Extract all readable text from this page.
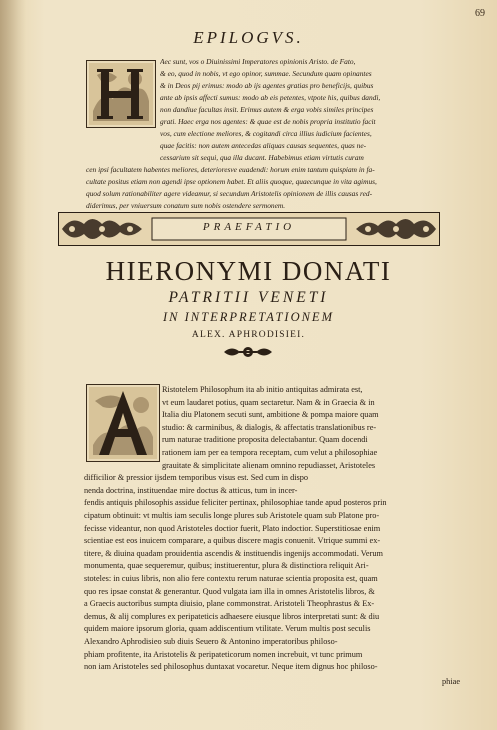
69
EPILOGVS.
Aec sunt, vos o Diuinissimi Imperatores opinionis Aristo. de Fato,
& eo, quod in nobis, vt ego opinor, summae. Secundum quam opinantes
& in Deos pij erimus: modo ab ijs agentes gratias pro beneficijs, quibus
ante ab ipsis affecti sumus: modo ab eis petentes, vtpote his, quibus dandi,
non dandiue facultas insit. Erimus autem & erga vobis similes principes
grati. Haec erga nos agentes: & quae est de nobis propria institutio facit
vos, cum electione meliores, & cogitandi circa illius iudicium facientes,
quae facitis: non autem antecedas aliquas causas sequentes, quas ne-
cessarium sit sequi, qua illa ducant. Habebimus etiam virtutis curam
cen ipsi facultatem habentes meliores, deterioresve euadendi: horum enim tantum quispiam in fa-
cultate positus etiam non agendi ipse optionem habet. Et aliis quoque, quaecunque in vita agimus,
quod solum rationabiliter agere videamur, si secundum Aristotelis opinionem de illis causas red-
diderimus, per vniuersum conatum sum nobis ostendere sermonem.
PRAEFATIO
HIERONYMI DONATI
PATRITII VENETI
IN INTERPRETATIONEM
ALEX. APHRODISIEI.
Ristotelem Philosophum ita ab initio antiquitas admirata est,
vt eum laudaret potius, quam sectaretur. Nam & in Graecia & in
Italia diu Platonem secuti sunt, ambitione & pompa maiore quam
studio: & carminibus, & dialogis, & affectatis translationibus re-
rum naturae traditione proposita delectabantur. Quam docendi
rationem iam per ea tempora receptam, cum velut a philosophiae
grauitate & simplicitate alienam omnino repudiasset, Aristoteles
difficilior & pressior ijsdem temporibus visus est. Sed cum in dispo
nenda doctrina, instituendae mire doctus & atticus, tum in incer-
fendis antiquis philosophis assidue feliciter pertinax, philosophiae tande apud posteros prin
cipatum obtinuit: vt multis iam seculis longe plures sub Aristotele quam sub Platone pro-
fecisse videantur, non quod Aristoteles doctior fuerit, Plato indoctior. Superstitiosae enim
scientiae est eos inuicem comparare, a quibus discere magis conuenit. Vtrique summi ex-
titere, & diuina quadam prouidentia ascendis & instituendis ingenijs accommodati. Verum
monumenta, quae sequeremur, quibus; instituerentur, plura & distinctiora reliquit Ari-
stoteles: in cuius libris, non alio fere contextu rerum naturae scientia proposita est, quam
quo res ipsae constat & generantur. Quod vulgata iam illa in omnes Aristotelis libros, &
a Graecis auctoribus sumpta diuisio, plane commonstrat. Aristoteli Theophrastus & Ex-
demus, & alij complures ex peripateticis adhaesere eiusque libros interpretati sunt: & diu
quidem maiore ipsorum gloria, quam addiscentium vtilitate. Verum multis post seculis
Alexandro Aphrodisieo sub diuis Seuero & Antonino imperatoribus philoso-
phiam profitente, ita Aristotelis & peripateticorum nomen increbuit, vt tunc primum
non iam Aristoteles sed philosophus duntaxat vocaretur. Neque item dignus hoc philoso-
phiae
